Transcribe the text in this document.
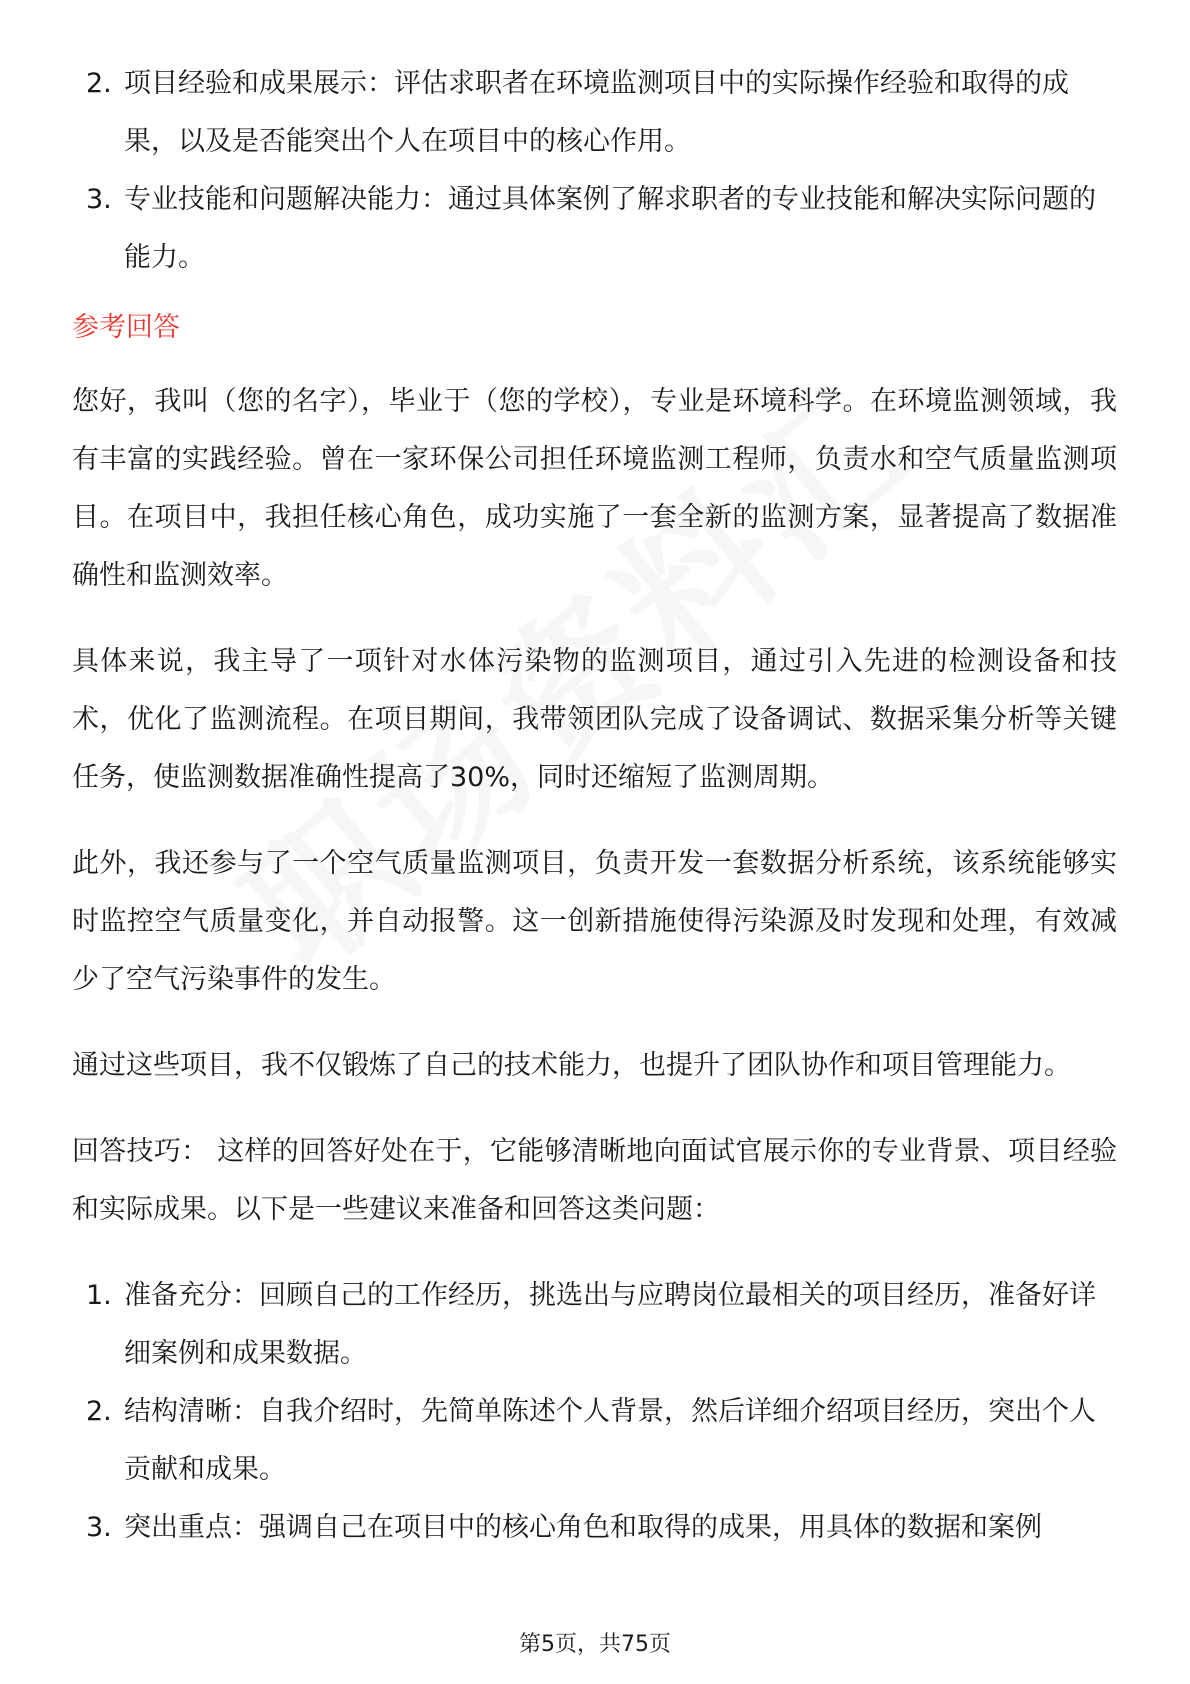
2. 项目经验和成果展示：评估求职者在环境监测项目中的实际操作经验和取得的成果，以及是否能突出个人在项目中的核心作用。
3. 专业技能和问题解决能力：通过具体案例了解求职者的专业技能和解决实际问题的能力。
参考回答

您好，我叫（您的名字），毕业于（您的学校），专业是环境科学。在环境监测领域，我有丰富的实践经验。曾在一家环保公司担任环境监测工程师，负责水和空气质量监测项目。在项目中，我担任核心角色，成功实施了一套全新的监测方案，显著提高了数据准确性和监测效率。

具体来说，我主导了一项针对水体污染物的监测项目，通过引入先进的检测设备和技术，优化了监测流程。在项目期间，我带领团队完成了设备调试、数据采集分析等关键任务，使监测数据准确性提高了30%，同时还缩短了监测周期。

此外，我还参与了一个空气质量监测项目，负责开发一套数据分析系统，该系统能够实时监控空气质量变化，并自动报警。这一创新措施使得污染源及时发现和处理，有效减少了空气污染事件的发生。

通过这些项目，我不仅锻炼了自己的技术能力，也提升了团队协作和项目管理能力。

回答技巧： 这样的回答好处在于，它能够清晰地向面试官展示你的专业背景、项目经验和实际成果。以下是一些建议来准备和回答这类问题：

1. 准备充分：回顾自己的工作经历，挑选出与应聘岗位最相关的项目经历，准备好详细案例和成果数据。
2. 结构清晰：自我介绍时，先简单陈述个人背景，然后详细介绍项目经历，突出个人贡献和成果。
3. 突出重点：强调自己在项目中的核心角色和取得的成果，用具体的数据和案例
第5页，共75页
